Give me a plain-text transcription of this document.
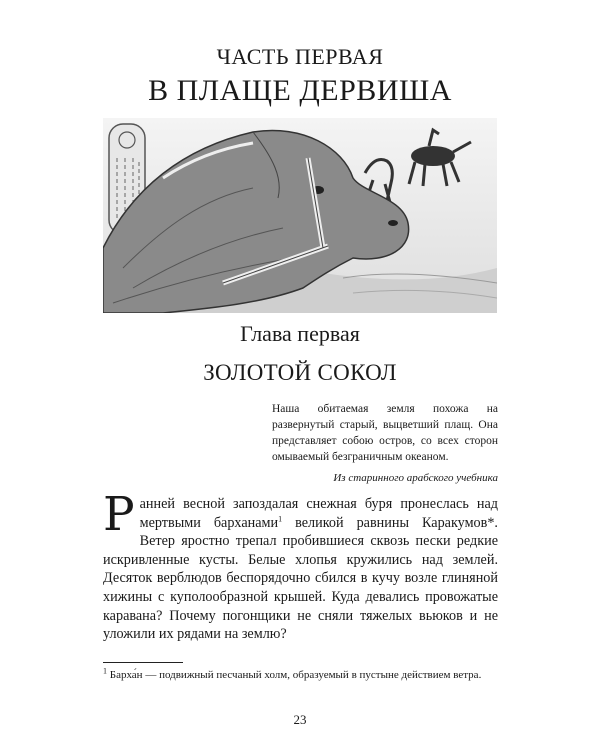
ЧАСТЬ ПЕРВАЯ
В ПЛАЩЕ ДЕРВИША
Глава первая
ЗОЛОТОЙ СОКОЛ
Наша обитаемая земля похожа на развернутый старый, выцветший плащ. Она представляет собою остров, со всех сторон омываемый безграничным океаном.
Из старинного арабского учебника
Ранней весной запоздалая снежная буря пронеслась над мертвыми барханами$^1$ великой равнины Каракумов*. Ветер яростно трепал пробившиеся сквозь пески редкие искривленные кусты. Белые хлопья кружились над землей. Десяток верблюдов беспорядочно сбился в кучу возле глиняной хижины с куполообразной крышей. Куда девались провожатые каравана? Почему погонщики не сняли тяжелых вьюков и не уложили их рядами на землю?
$^1$ Барха́н — подвижный песчаный холм, образуемый в пустыне действием ветра.
23
